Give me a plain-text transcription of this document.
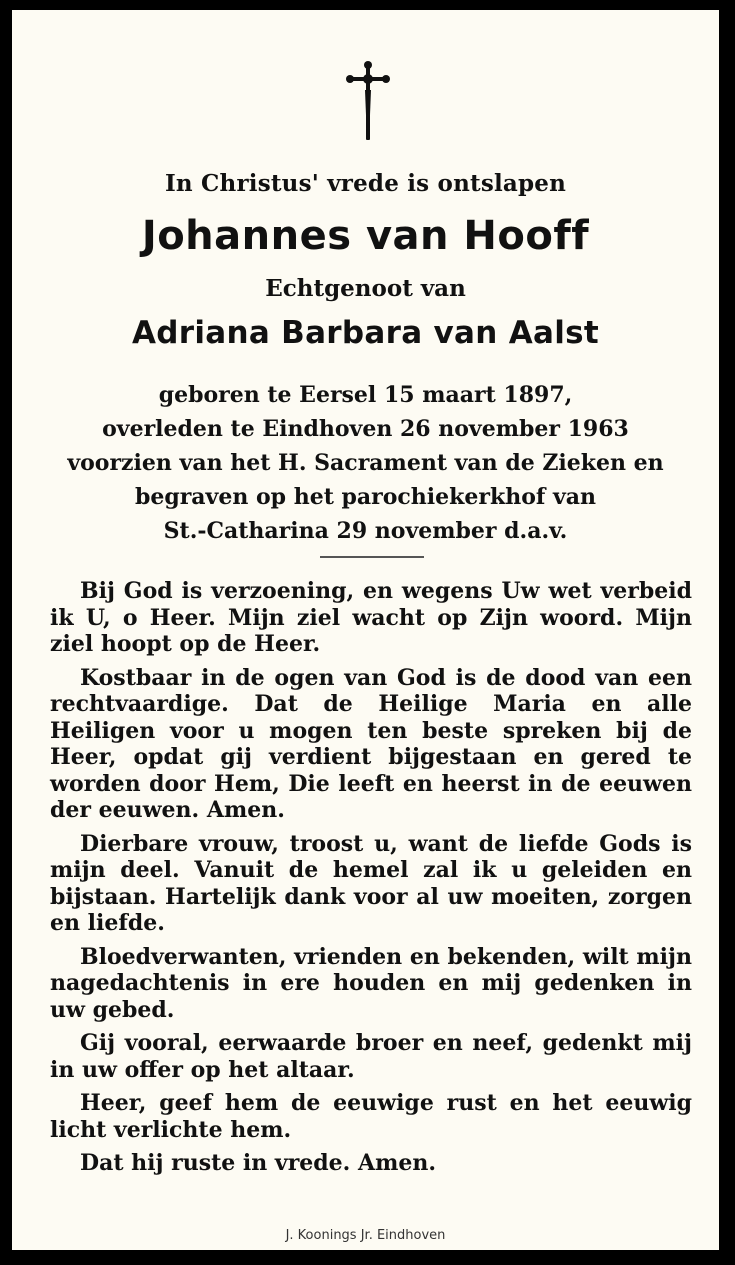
In Christus' vrede is ontslapen
Johannes van Hooff
Echtgenoot van
Adriana Barbara van Aalst
geboren te Eersel 15 maart 1897,
overleden te Eindhoven 26 november 1963
voorzien van het H. Sacrament van de Zieken en
begraven op het parochiekerkhof van
St.-Catharina 29 november d.a.v.

Bij God is verzoening, en wegens Uw wet verbeid ik U, o Heer. Mijn ziel wacht op Zijn woord. Mijn ziel hoopt op de Heer.

Kostbaar in de ogen van God is de dood van een rechtvaardige. Dat de Heilige Maria en alle Heiligen voor u mogen ten beste spreken bij de Heer, opdat gij verdient bijgestaan en gered te worden door Hem, Die leeft en heerst in de eeuwen der eeuwen. Amen.

Dierbare vrouw, troost u, want de liefde Gods is mijn deel. Vanuit de hemel zal ik u geleiden en bijstaan. Hartelijk dank voor al uw moeiten, zorgen en liefde.

Bloedverwanten, vrienden en bekenden, wilt mijn nagedachtenis in ere houden en mij gedenken in uw gebed.

Gij vooral, eerwaarde broer en neef, gedenkt mij in uw offer op het altaar.

Heer, geef hem de eeuwige rust en het eeuwig licht verlichte hem.

Dat hij ruste in vrede. Amen.

J. Koonings Jr. Eindhoven
